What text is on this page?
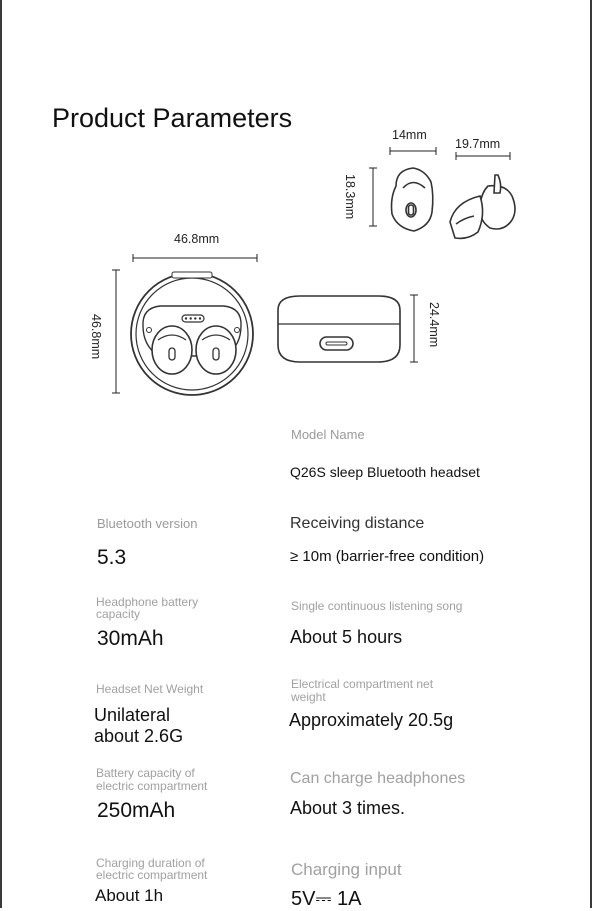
Product Parameters
14mm
19.7mm
18.3mm
46.8mm
46.8mm	24.4mm
Model Name
Q26S sleep Bluetooth headset
Bluetooth version
5.3
Receiving distance
≥ 10m (barrier-free condition)
Headphone battery
capacity
30mAh
Single continuous listening song
About 5 hours
Headset Net Weight
Unilateral
about 2.6G
Electrical compartment net
weight
Approximately 20.5g
Battery capacity of
electric compartment
250mAh
Can charge headphones
About 3 times.
Charging duration of
electric compartment
About 1h
Charging input
5V⎓ 1A
